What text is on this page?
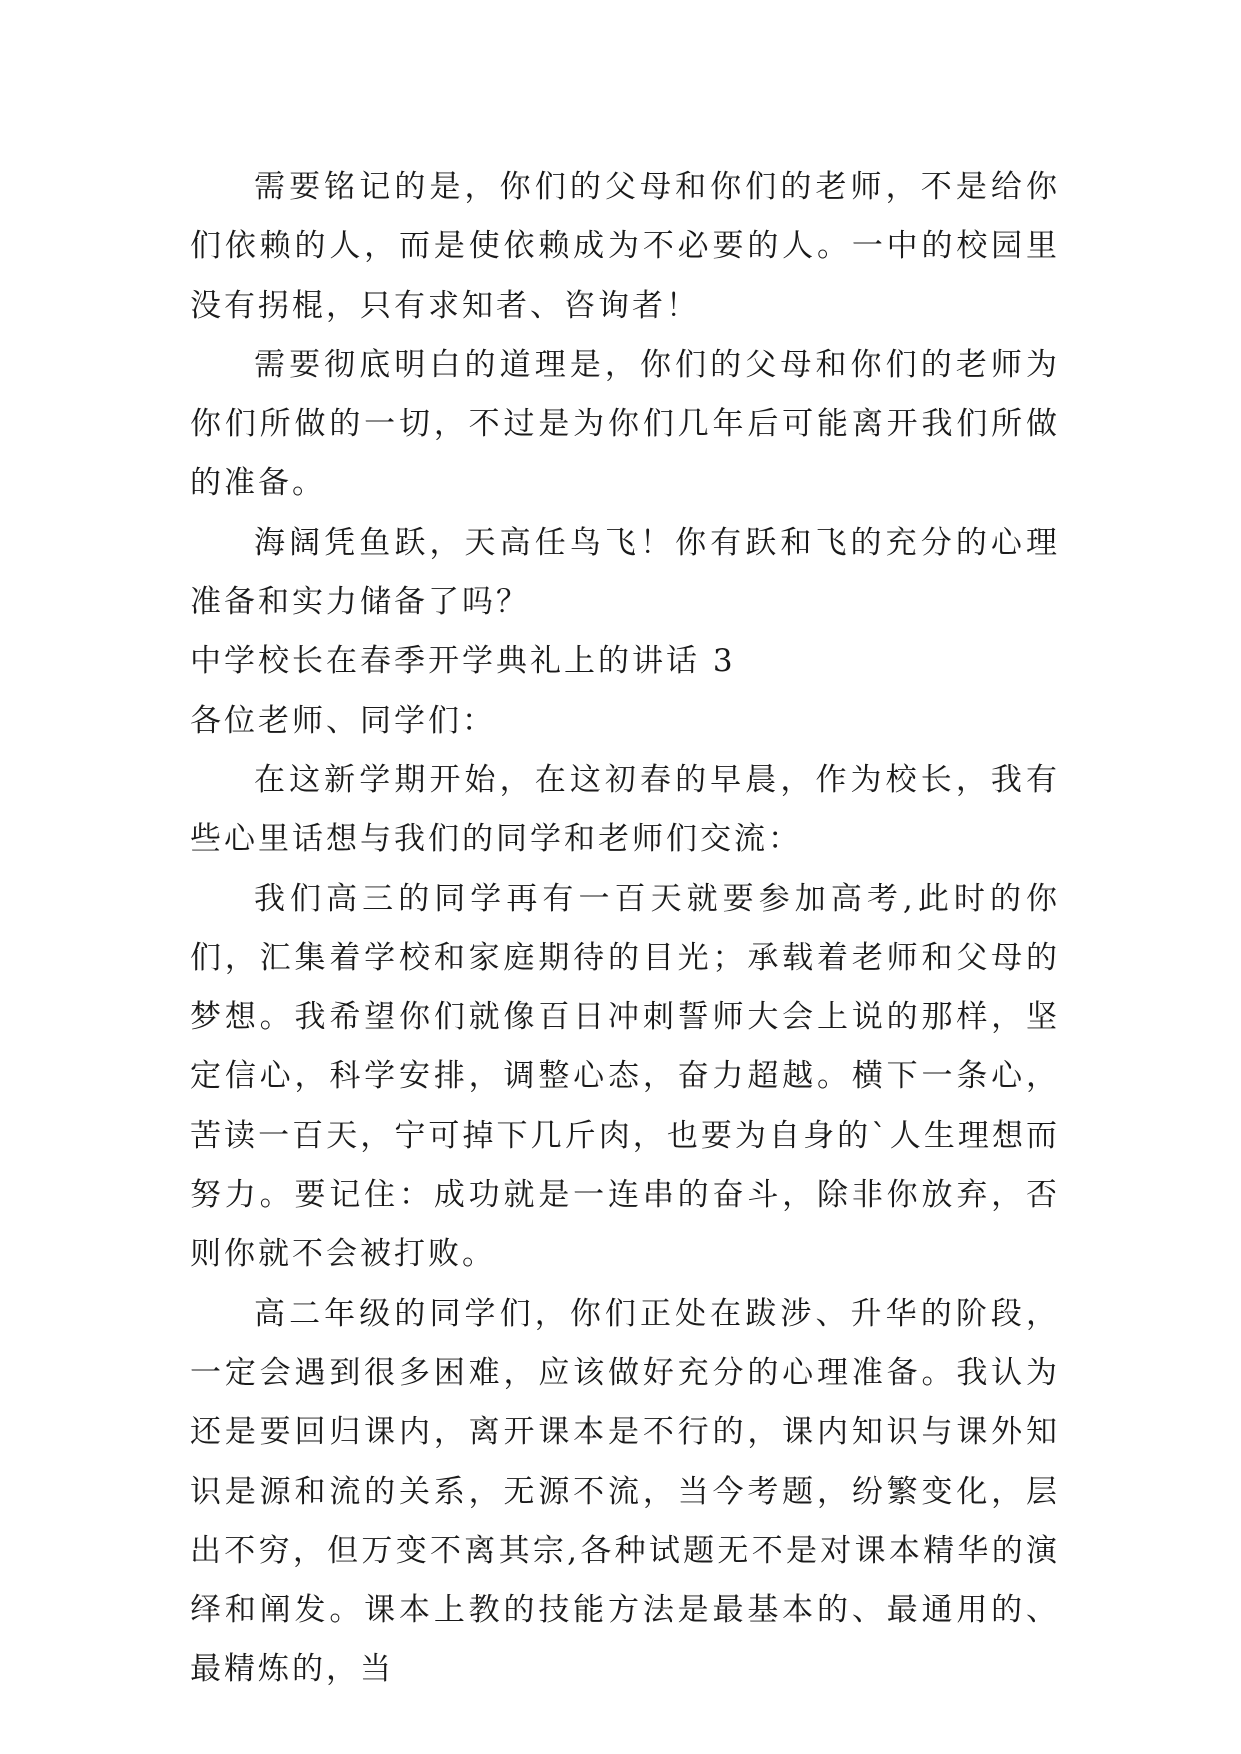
需要铭记的是，你们的父母和你们的老师，不是给你们依赖的人，而是使依赖成为不必要的人。一中的校园里没有拐棍，只有求知者、咨询者！

需要彻底明白的道理是，你们的父母和你们的老师为你们所做的一切，不过是为你们几年后可能离开我们所做的准备。

海阔凭鱼跃，天高任鸟飞！你有跃和飞的充分的心理准备和实力储备了吗？

中学校长在春季开学典礼上的讲话 3

各位老师、同学们：

在这新学期开始，在这初春的早晨，作为校长，我有些心里话想与我们的同学和老师们交流：

我们高三的同学再有一百天就要参加高考,此时的你们，汇集着学校和家庭期待的目光；承载着老师和父母的梦想。我希望你们就像百日冲刺誓师大会上说的那样，坚定信心，科学安排，调整心态，奋力超越。横下一条心，苦读一百天，宁可掉下几斤肉，也要为自身的`人生理想而努力。要记住：成功就是一连串的奋斗，除非你放弃，否则你就不会被打败。

高二年级的同学们，你们正处在跋涉、升华的阶段，一定会遇到很多困难，应该做好充分的心理准备。我认为还是要回归课内，离开课本是不行的，课内知识与课外知识是源和流的关系，无源不流，当今考题，纷繁变化，层出不穷，但万变不离其宗,各种试题无不是对课本精华的演绎和阐发。课本上教的技能方法是最基本的、最通用的、最精炼的，当
